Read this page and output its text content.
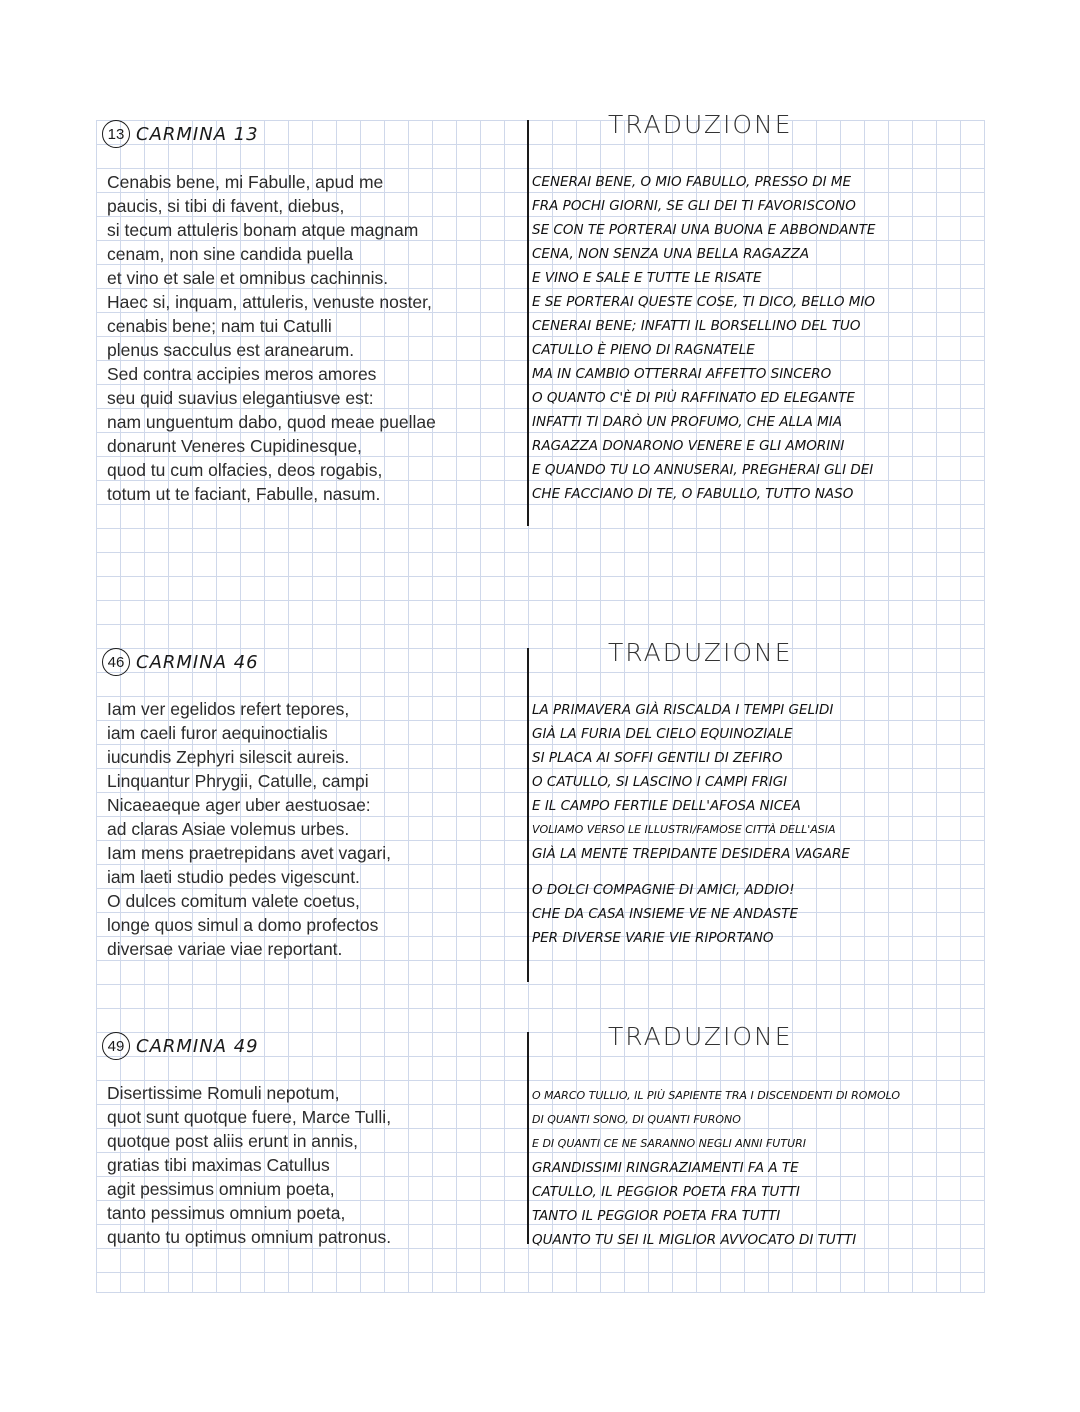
13 CARMINA 13	TRADUZIONE
Cenabis bene, mi Fabulle, apud me
paucis, si tibi di favent, diebus,
si tecum attuleris bonam atque magnam
cenam, non sine candida puella
et vino et sale et omnibus cachinnis.
Haec si, inquam, attuleris, venuste noster,
cenabis bene; nam tui Catulli
plenus sacculus est aranearum.
Sed contra accipies meros amores
seu quid suavius elegantiusve est:
nam unguentum dabo, quod meae puellae
donarunt Veneres Cupidinesque,
quod tu cum olfacies, deos rogabis,
totum ut te faciant, Fabulle, nasum.
CENERAI BENE, O MIO FABULLO, PRESSO DI ME
FRA POCHI GIORNI, SE GLI DEI TI FAVORISCONO
SE CON TE PORTERAI UNA BUONA E ABBONDANTE
CENA, NON SENZA UNA BELLA RAGAZZA
E VINO E SALE E TUTTE LE RISATE
E SE PORTERAI QUESTE COSE, TI DICO, BELLO MIO
CENERAI BENE; INFATTI IL BORSELLINO DEL TUO
CATULLO È PIENO DI RAGNATELE
MA IN CAMBIO OTTERRAI AFFETTO SINCERO
O QUANTO C'È DI PIÙ RAFFINATO ED ELEGANTE
INFATTI TI DARÒ UN PROFUMO, CHE ALLA MIA
RAGAZZA DONARONO VENERE E GLI AMORINI
E QUANDO TU LO ANNUSERAI, PREGHERAI GLI DEI
CHE FACCIANO DI TE, O FABULLO, TUTTO NASO
46 CARMINA 46	TRADUZIONE
Iam ver egelidos refert tepores,
iam caeli furor aequinoctialis
iucundis Zephyri silescit aureis.
Linquantur Phrygii, Catulle, campi
Nicaeaeque ager uber aestuosae:
ad claras Asiae volemus urbes.
Iam mens praetrepidans avet vagari,
iam laeti studio pedes vigescunt.
O dulces comitum valete coetus,
longe quos simul a domo profectos
diversae variae viae reportant.
LA PRIMAVERA GIÀ RISCALDA I TEMPI GELIDI
GIÀ LA FURIA DEL CIELO EQUINOZIALE
SI PLACA AI SOFFI GENTILI DI ZEFIRO
O CATULLO, SI LASCINO I CAMPI FRIGI
E IL CAMPO FERTILE DELL'AFOSA NICEA
VOLIAMO VERSO LE ILLUSTRI/FAMOSE CITTÀ DELL'ASIA
GIÀ LA MENTE TREPIDANTE DESIDERA VAGARE
O DOLCI COMPAGNIE DI AMICI, ADDIO!
CHE DA CASA INSIEME VE NE ANDASTE
PER DIVERSE VARIE VIE RIPORTANO
49 CARMINA 49	TRADUZIONE
Disertissime Romuli nepotum,
quot sunt quotque fuere, Marce Tulli,
quotque post aliis erunt in annis,
gratias tibi maximas Catullus
agit pessimus omnium poeta,
tanto pessimus omnium poeta,
quanto tu optimus omnium patronus.
O MARCO TULLIO, IL PIÙ SAPIENTE TRA I DISCENDENTI DI ROMOLO
DI QUANTI SONO, DI QUANTI FURONO
E DI QUANTI CE NE SARANNO NEGLI ANNI FUTURI
GRANDISSIMI RINGRAZIAMENTI FA A TE
CATULLO, IL PEGGIOR POETA FRA TUTTI
TANTO IL PEGGIOR POETA FRA TUTTI
QUANTO TU SEI IL MIGLIOR AVVOCATO DI TUTTI
